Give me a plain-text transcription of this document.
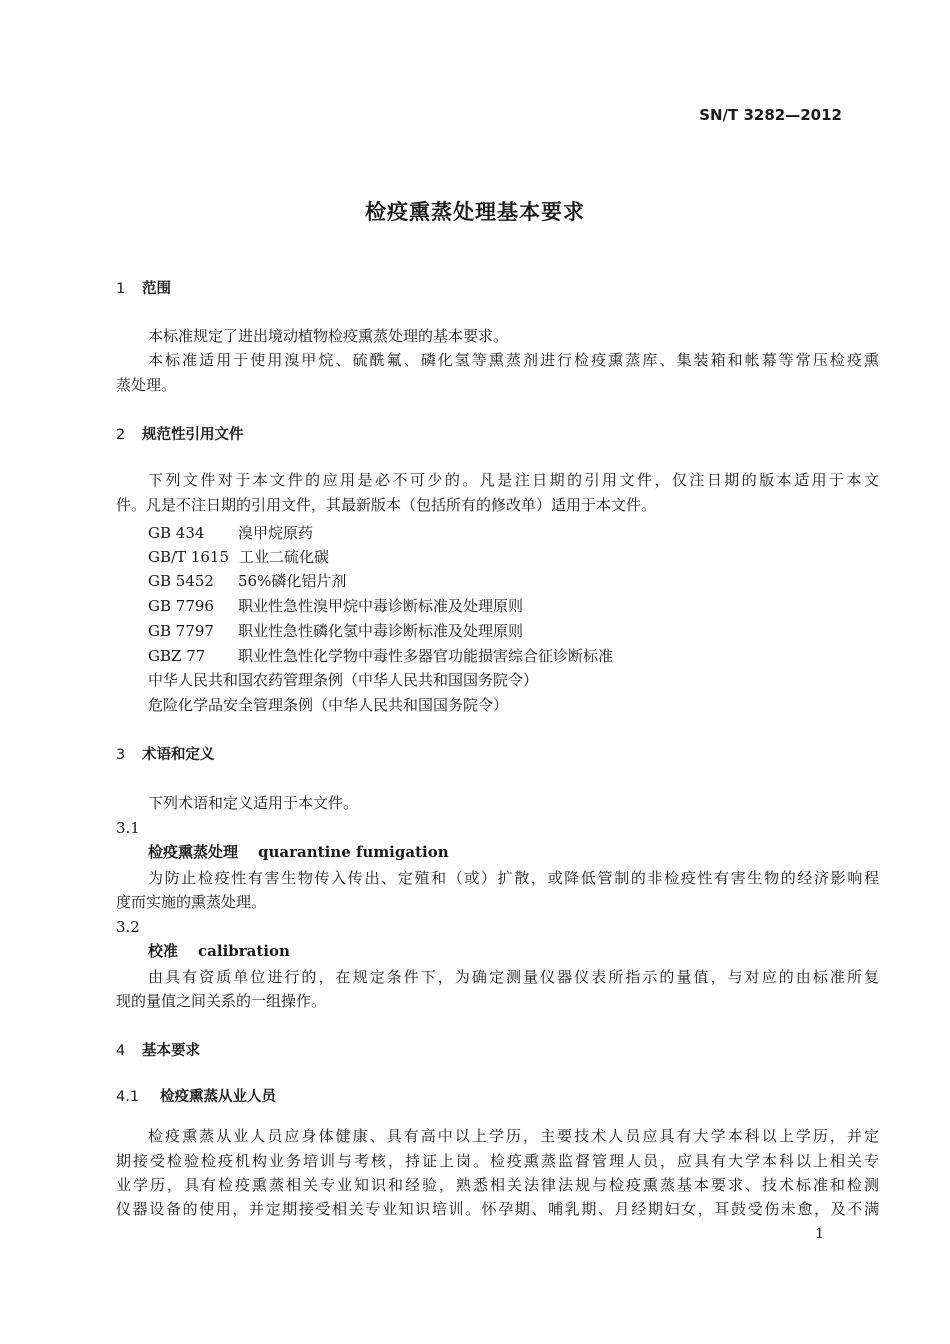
SN/T 3282—2012
检疫熏蒸处理基本要求
1 范围
本标准规定了进出境动植物检疫熏蒸处理的基本要求。
本标准适用于使用溴甲烷、硫酰氟、磷化氢等熏蒸剂进行检疫熏蒸库、集装箱和帐幕等常压检疫熏
蒸处理。
2 规范性引用文件
下列文件对于本文件的应用是必不可少的。凡是注日期的引用文件，仅注日期的版本适用于本文
件。凡是不注日期的引用文件，其最新版本（包括所有的修改单）适用于本文件。
GB 434 溴甲烷原药
GB/T 1615 工业二硫化碳
GB 5452 56%磷化铝片剂
GB 7796 职业性急性溴甲烷中毒诊断标准及处理原则
GB 7797 职业性急性磷化氢中毒诊断标准及处理原则
GBZ 77 职业性急性化学物中毒性多器官功能损害综合征诊断标准
中华人民共和国农药管理条例（中华人民共和国国务院令）
危险化学品安全管理条例（中华人民共和国国务院令）
3 术语和定义
下列术语和定义适用于本文件。
3.1
检疫熏蒸处理 quarantine fumigation
为防止检疫性有害生物传入传出、定殖和（或）扩散，或降低管制的非检疫性有害生物的经济影响程
度而实施的熏蒸处理。
3.2
校准 calibration
由具有资质单位进行的，在规定条件下，为确定测量仪器仪表所指示的量值，与对应的由标准所复
现的量值之间关系的一组操作。
4 基本要求
4.1 检疫熏蒸从业人员
检疫熏蒸从业人员应身体健康、具有高中以上学历，主要技术人员应具有大学本科以上学历，并定
期接受检验检疫机构业务培训与考核，持证上岗。检疫熏蒸监督管理人员，应具有大学本科以上相关专
业学历，具有检疫熏蒸相关专业知识和经验，熟悉相关法律法规与检疫熏蒸基本要求、技术标准和检测
仪器设备的使用，并定期接受相关专业知识培训。怀孕期、哺乳期、月经期妇女，耳鼓受伤未愈，及不满
1
